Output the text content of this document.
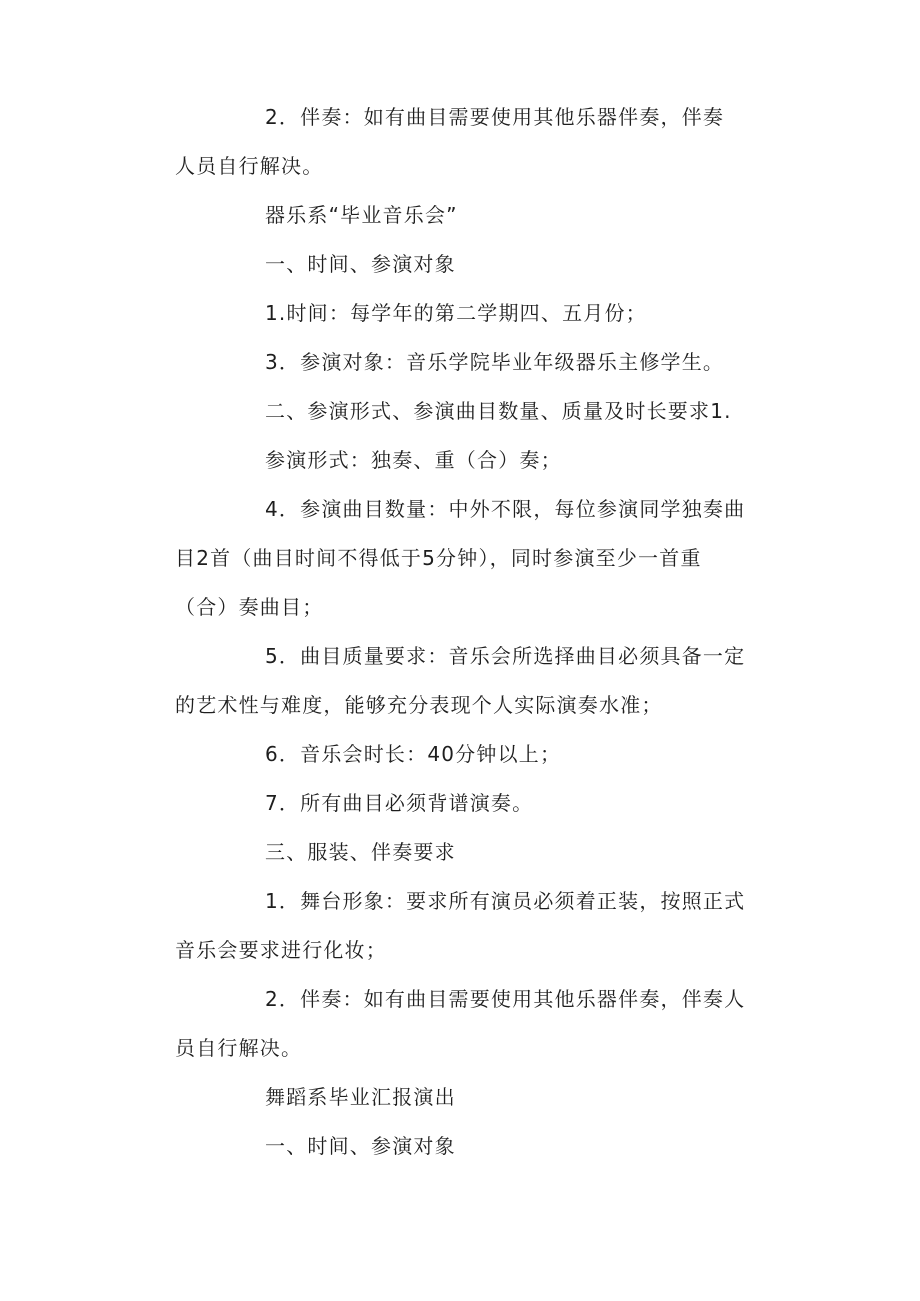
2．伴奏：如有曲目需要使用其他乐器伴奏，伴奏
人员自行解决。
器乐系“毕业音乐会”
一、时间、参演对象
1.时间：每学年的第二学期四、五月份；
3．参演对象：音乐学院毕业年级器乐主修学生。
二、参演形式、参演曲目数量、质量及时长要求1.
参演形式：独奏、重（合）奏；
4．参演曲目数量：中外不限，每位参演同学独奏曲
目2首（曲目时间不得低于5分钟），同时参演至少一首重
（合）奏曲目；
5．曲目质量要求：音乐会所选择曲目必须具备一定
的艺术性与难度，能够充分表现个人实际演奏水准；
6．音乐会时长：40分钟以上；
7．所有曲目必须背谱演奏。
三、服装、伴奏要求
1．舞台形象：要求所有演员必须着正装，按照正式
音乐会要求进行化妆；
2．伴奏：如有曲目需要使用其他乐器伴奏，伴奏人
员自行解决。
舞蹈系毕业汇报演出
一、时间、参演对象
